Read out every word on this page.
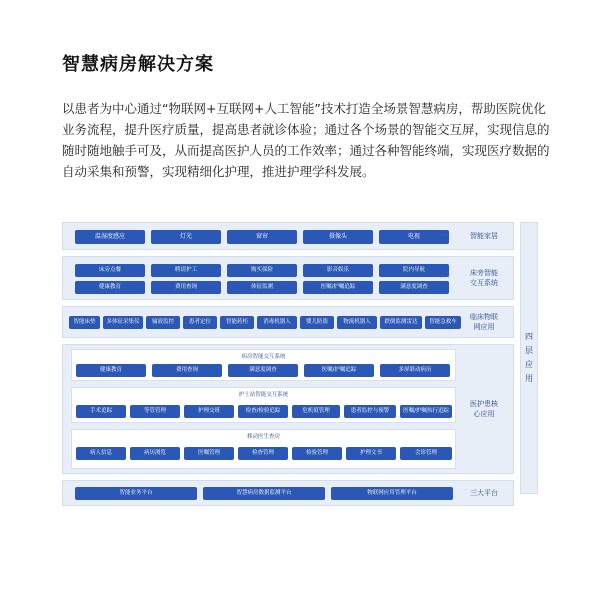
智慧病房解决方案
以患者为中心通过“物联网+互联网+人工智能”技术打造全场景智慧病房，帮助医院优化业务流程，提升医疗质量，提高患者就诊体验；通过各个场景的智能交互屏，实现信息的随时随地触手可及，从而提高医护人员的工作效率；通过各种智能终端，实现医疗数据的自动采集和预警，实现精细化护理，推进护理学科发展。
温湿度感应	灯光	窗帘	摄像头	电视	···	智能家居
床旁点餐	聘请护工	购买保险	影音娱乐	院内导航
健康教育	费用查询	体征监测	医嘱/护嘱追踪	满意度调查
···	床旁智能交互系统
智能床垫	多体征采集仪	输液监控	患者定位	智能药柜	消毒机器人	婴儿防盗	物流机器人	跌倒监测雷达	智能急救车
临床物联网应用
病房智能交互系统
健康教育	费用查询	满意度调查	医嘱/护嘱追踪	多屏联动病历
护士站智能交互系统
手术追踪	等管管理	护理交班	检查/检验追踪	危机值管理	患者监控与预警	医嘱/护嘱执行追踪
移动医生查房
病人信息	病历浏览	医嘱管理	检查管理	检验管理	护理文书	会诊管理
医护患核心应用
智能业务平台	智慧病房数据监测平台	物联网应用管理平台	三大平台
四
层
应
用
